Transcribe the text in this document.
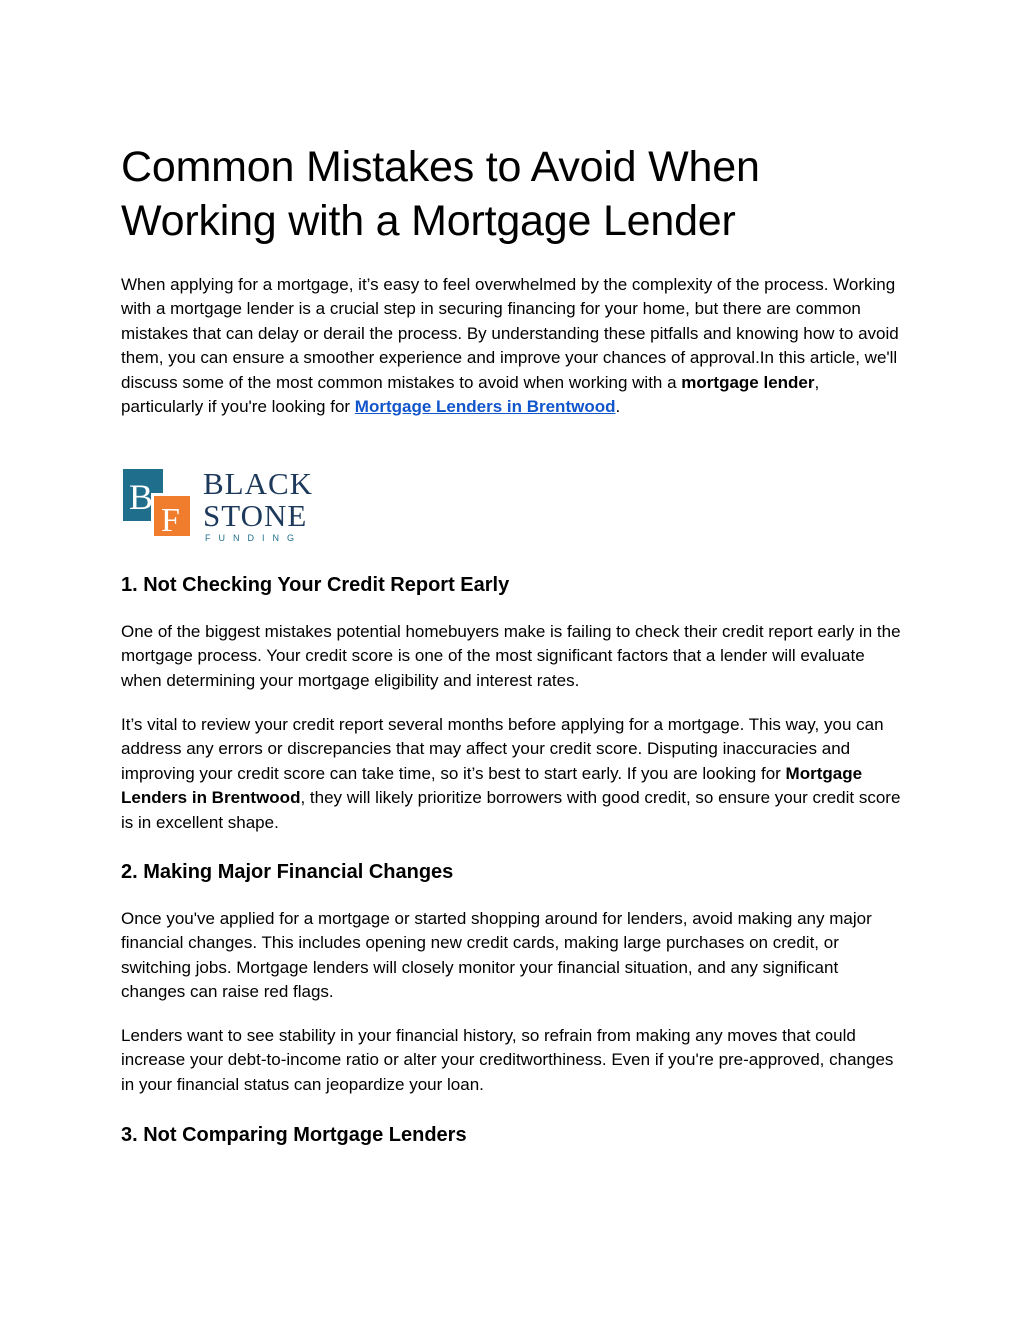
Common Mistakes to Avoid When Working with a Mortgage Lender

When applying for a mortgage, it’s easy to feel overwhelmed by the complexity of the process. Working with a mortgage lender is a crucial step in securing financing for your home, but there are common mistakes that can delay or derail the process. By understanding these pitfalls and knowing how to avoid them, you can ensure a smoother experience and improve your chances of approval.In this article, we'll discuss some of the most common mistakes to avoid when working with a mortgage lender, particularly if you're looking for Mortgage Lenders in Brentwood.

B
F
BLACK
STONE
FUNDING
1. Not Checking Your Credit Report Early

One of the biggest mistakes potential homebuyers make is failing to check their credit report early in the mortgage process. Your credit score is one of the most significant factors that a lender will evaluate when determining your mortgage eligibility and interest rates.

It’s vital to review your credit report several months before applying for a mortgage. This way, you can address any errors or discrepancies that may affect your credit score. Disputing inaccuracies and improving your credit score can take time, so it’s best to start early. If you are looking for Mortgage Lenders in Brentwood, they will likely prioritize borrowers with good credit, so ensure your credit score is in excellent shape.

2. Making Major Financial Changes

Once you've applied for a mortgage or started shopping around for lenders, avoid making any major financial changes. This includes opening new credit cards, making large purchases on credit, or switching jobs. Mortgage lenders will closely monitor your financial situation, and any significant changes can raise red flags.

Lenders want to see stability in your financial history, so refrain from making any moves that could increase your debt-to-income ratio or alter your creditworthiness. Even if you're pre-approved, changes in your financial status can jeopardize your loan.

3. Not Comparing Mortgage Lenders
